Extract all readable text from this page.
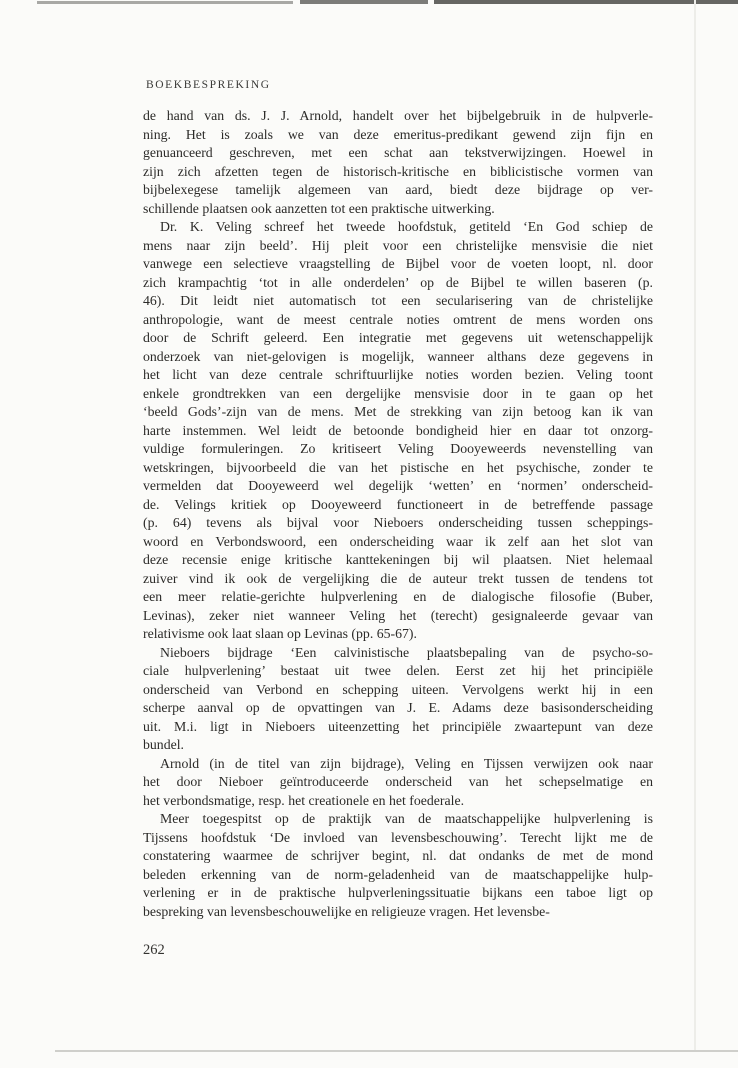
BOEKBESPREKING
de hand van ds. J. J. Arnold, handelt over het bijbelgebruik in de hulpverle-
ning. Het is zoals we van deze emeritus-predikant gewend zijn fijn en
genuanceerd geschreven, met een schat aan tekstverwijzingen. Hoewel in
zijn zich afzetten tegen de historisch-kritische en biblicistische vormen van
bijbelexegese tamelijk algemeen van aard, biedt deze bijdrage op ver-
schillende plaatsen ook aanzetten tot een praktische uitwerking.
Dr. K. Veling schreef het tweede hoofdstuk, getiteld ‘En God schiep de
mens naar zijn beeld’. Hij pleit voor een christelijke mensvisie die niet
vanwege een selectieve vraagstelling de Bijbel voor de voeten loopt, nl. door
zich krampachtig ‘tot in alle onderdelen’ op de Bijbel te willen baseren (p.
46). Dit leidt niet automatisch tot een secularisering van de christelijke
anthropologie, want de meest centrale noties omtrent de mens worden ons
door de Schrift geleerd. Een integratie met gegevens uit wetenschappelijk
onderzoek van niet-gelovigen is mogelijk, wanneer althans deze gegevens in
het licht van deze centrale schriftuurlijke noties worden bezien. Veling toont
enkele grondtrekken van een dergelijke mensvisie door in te gaan op het
‘beeld Gods’-zijn van de mens. Met de strekking van zijn betoog kan ik van
harte instemmen. Wel leidt de betoonde bondigheid hier en daar tot onzorg-
vuldige formuleringen. Zo kritiseert Veling Dooyeweerds nevenstelling van
wetskringen, bijvoorbeeld die van het pistische en het psychische, zonder te
vermelden dat Dooyeweerd wel degelijk ‘wetten’ en ‘normen’ onderscheid-
de. Velings kritiek op Dooyeweerd functioneert in de betreffende passage
(p. 64) tevens als bijval voor Nieboers onderscheiding tussen scheppings-
woord en Verbondswoord, een onderscheiding waar ik zelf aan het slot van
deze recensie enige kritische kanttekeningen bij wil plaatsen. Niet helemaal
zuiver vind ik ook de vergelijking die de auteur trekt tussen de tendens tot
een meer relatie-gerichte hulpverlening en de dialogische filosofie (Buber,
Levinas), zeker niet wanneer Veling het (terecht) gesignaleerde gevaar van
relativisme ook laat slaan op Levinas (pp. 65-67).
Nieboers bijdrage ‘Een calvinistische plaatsbepaling van de psycho-so-
ciale hulpverlening’ bestaat uit twee delen. Eerst zet hij het principiële
onderscheid van Verbond en schepping uiteen. Vervolgens werkt hij in een
scherpe aanval op de opvattingen van J. E. Adams deze basisonderscheiding
uit. M.i. ligt in Nieboers uiteenzetting het principiële zwaartepunt van deze
bundel.
Arnold (in de titel van zijn bijdrage), Veling en Tijssen verwijzen ook naar
het door Nieboer geïntroduceerde onderscheid van het schepselmatige en
het verbondsmatige, resp. het creationele en het foederale.
Meer toegespitst op de praktijk van de maatschappelijke hulpverlening is
Tijssens hoofdstuk ‘De invloed van levensbeschouwing’. Terecht lijkt me de
constatering waarmee de schrijver begint, nl. dat ondanks de met de mond
beleden erkenning van de norm-geladenheid van de maatschappelijke hulp-
verlening er in de praktische hulpverleningssituatie bijkans een taboe ligt op
bespreking van levensbeschouwelijke en religieuze vragen. Het levensbe-
262
